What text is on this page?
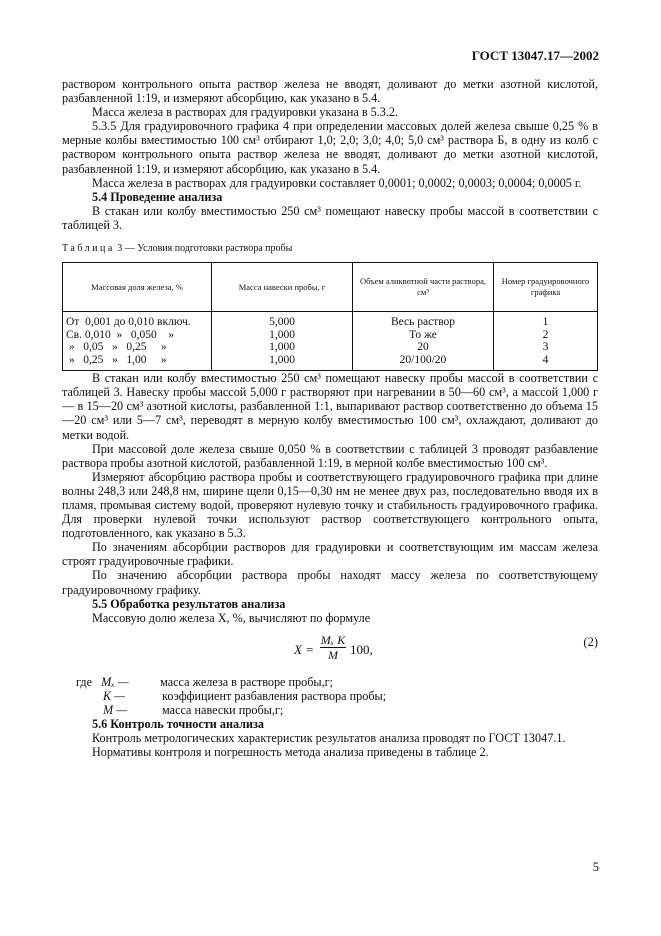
ГОСТ 13047.17—2002

раствором контрольного опыта раствор железа не вводят, доливают до метки азотной кислотой, разбавленной 1:19, и измеряют абсорбцию, как указано в 5.4.

Масса железа в растворах для градуировки указана в 5.3.2.

5.3.5 Для градуировочного графика 4 при определении массовых долей железа свыше 0,25 % в мерные колбы вместимостью 100 см³ отбирают 1,0; 2,0; 3,0; 4,0; 5,0 см³ раствора Б, в одну из колб с раствором контрольного опыта раствор железа не вводят, доливают до метки азотной кислотой, разбавленной 1:19, и измеряют абсорбцию, как указано в 5.4.

Масса железа в растворах для градуировки составляет 0,0001; 0,0002; 0,0003; 0,0004; 0,0005 г.

5.4 Проведение анализа

В стакан или колбу вместимостью 250 см³ помещают навеску пробы массой в соответствии с таблицей 3.

Таблица 3 — Условия подготовки раствора пробы
Массовая доля железа, %	Масса навески пробы, г	Объем аликвотной части раствора, см³	Номер градуировочного графика
От  0,001 до 0,010 включ.	5,000	Весь раствор	1
Св. 0,010  »   0,050    »	1,000	То же	2
»   0,05   »   0,25     »	1,000	20	3
»   0,25   »   1,00     »	1,000	20/100/20	4

В стакан или колбу вместимостью 250 см³ помещают навеску пробы массой в соответствии с таблицей 3. Навеску пробы массой 5,000 г растворяют при нагревании в 50—60 см³, а массой 1,000 г — в 15—20 см³ азотной кислоты, разбавленной 1:1, выпаривают раствор соответственно до объема 15—20 см³ или 5—7 см³, переводят в мерную колбу вместимостью 100 см³, охлаждают, доливают до метки водой.

При массовой доле железа свыше 0,050 % в соответствии с таблицей 3 проводят разбавление раствора пробы азотной кислотой, разбавленной 1:19, в мерной колбе вместимостью 100 см³.

Измеряют абсорбцию раствора пробы и соответствующего градуировочного графика при длине волны 248,3 или 248,8 нм, ширине щели 0,15—0,30 нм не менее двух раз, последовательно вводя их в пламя, промывая систему водой, проверяют нулевую точку и стабильность градуировочного графика. Для проверки нулевой точки используют раствор соответствующего контрольного опыта, подготовленного, как указано в 5.3.

По значениям абсорбции растворов для градуировки и соответствующим им массам железа строят градуировочные графики.

По значению абсорбции раствора пробы находят массу железа по соответствующему градуировочному графику.

5.5 Обработка результатов анализа

Массовую долю железа X, %, вычисляют по формуле

$X = \frac{\text{Mₓ K}}{M} 100$,	(2)
где Mₓ —	масса железа в растворе пробы,г;
K —	коэффициент разбавления раствора пробы;
M —	масса навески пробы,г;

5.6 Контроль точности анализа

Контроль метрологических характеристик результатов анализа проводят по ГОСТ 13047.1.

Нормативы контроля и погрешность метода анализа приведены в таблице 2.

5
